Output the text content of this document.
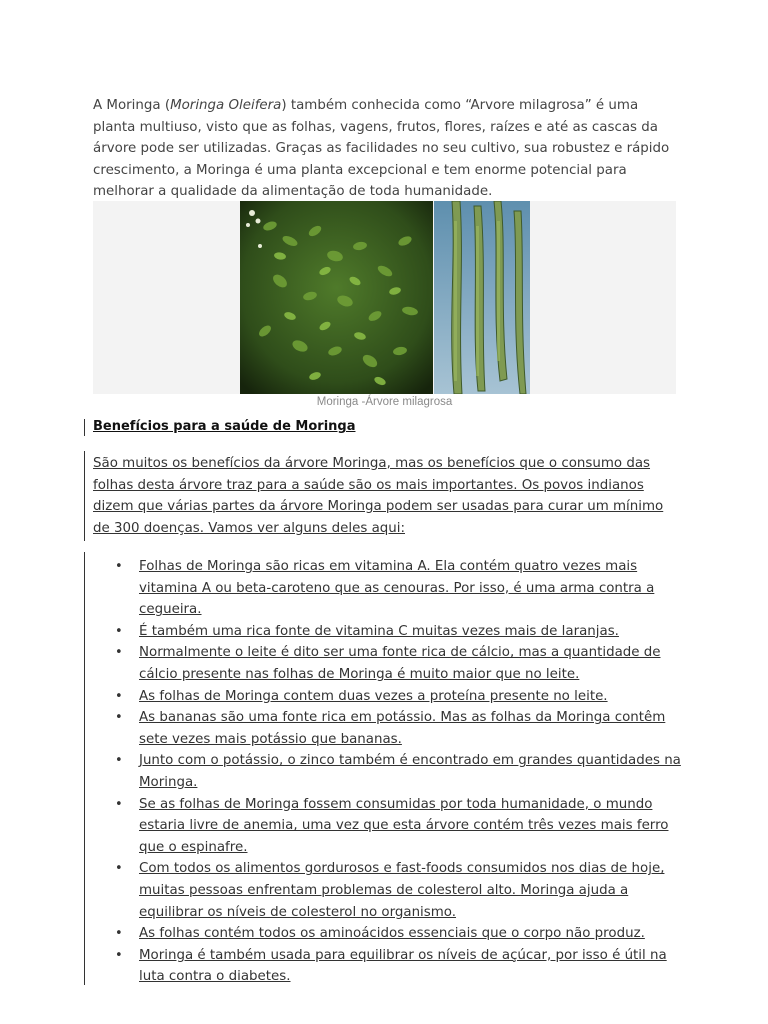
A Moringa (Moringa Oleifera) também conhecida como “Arvore milagrosa” é uma planta multiuso, visto que as folhas, vagens, frutos, flores, raízes e até as cascas da árvore pode ser utilizadas. Graças as facilidades no seu cultivo, sua robustez e rápido crescimento, a Moringa é uma planta excepcional e tem enorme potencial para melhorar a qualidade da alimentação de toda humanidade.

Moringa -Árvore milagrosa
Benefícios para a saúde de Moringa

São muitos os benefícios da árvore Moringa, mas os benefícios que o consumo das folhas desta árvore traz para a saúde são os mais importantes. Os povos indianos dizem que várias partes da árvore Moringa podem ser usadas para curar um mínimo de 300 doenças. Vamos ver alguns deles aqui:

• Folhas de Moringa são ricas em vitamina A. Ela contém quatro vezes mais vitamina A ou beta-caroteno que as cenouras. Por isso, é uma arma contra a cegueira.
• É também uma rica fonte de vitamina C muitas vezes mais de laranjas.
• Normalmente o leite é dito ser uma fonte rica de cálcio, mas a quantidade de cálcio presente nas folhas de Moringa é muito maior que no leite.
• As folhas de Moringa contem duas vezes a proteína presente no leite.
• As bananas são uma fonte rica em potássio. Mas as folhas da Moringa contêm sete vezes mais potássio que bananas.
• Junto com o potássio, o zinco também é encontrado em grandes quantidades na Moringa.
• Se as folhas de Moringa fossem consumidas por toda humanidade, o mundo estaria livre de anemia, uma vez que esta árvore contém três vezes mais ferro que o espinafre.
• Com todos os alimentos gordurosos e fast-foods consumidos nos dias de hoje, muitas pessoas enfrentam problemas de colesterol alto. Moringa ajuda a equilibrar os níveis de colesterol no organismo.
• As folhas contém todos os aminoácidos essenciais que o corpo não produz.
• Moringa é também usada para equilibrar os níveis de açúcar, por isso é útil na luta contra o diabetes.
